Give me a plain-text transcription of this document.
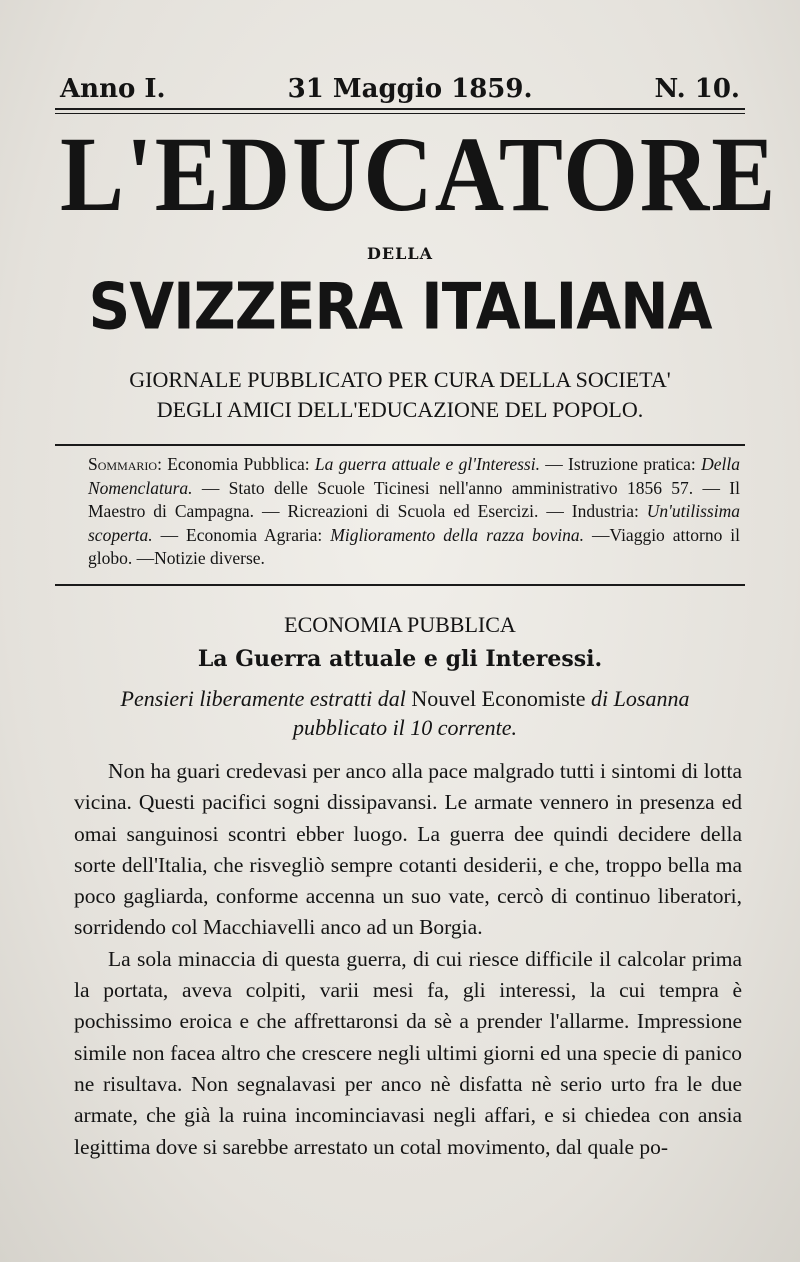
Anno I.	31 Maggio 1859.	N. 10.
L'EDUCATORE
DELLA
SVIZZERA ITALIANA
GIORNALE PUBBLICATO PER CURA DELLA SOCIETA'
DEGLI AMICI DELL'EDUCAZIONE DEL POPOLO.
Sommario: Economia Pubblica: La guerra attuale e gl'Interessi. — Istruzione pratica: Della Nomenclatura. — Stato delle Scuole Ticinesi nell'anno amministrativo 1856 57. — Il Maestro di Campagna. — Ricreazioni di Scuola ed Esercizi. — Industria: Un'utilissima scoperta. — Economia Agraria: Miglioramento della razza bovina. —Viaggio attorno il globo. —Notizie diverse.
ECONOMIA PUBBLICA
La Guerra attuale e gli Interessi.
Pensieri liberamente estratti dal Nouvel Economiste di Losanna
pubblicato il 10 corrente.

Non ha guari credevasi per anco alla pace malgrado tutti i sintomi di lotta vicina. Questi pacifici sogni dissipavansi. Le armate vennero in presenza ed omai sanguinosi scontri ebber luogo. La guerra dee quindi decidere della sorte dell'Italia, che risvegliò sempre cotanti desiderii, e che, troppo bella ma poco gagliarda, conforme accenna un suo vate, cercò di continuo liberatori, sorridendo col Macchiavelli anco ad un Borgia.

La sola minaccia di questa guerra, di cui riesce difficile il calcolar prima la portata, aveva colpiti, varii mesi fa, gli interessi, la cui tempra è pochissimo eroica e che affrettaronsi da sè a prender l'allarme. Impressione simile non facea altro che crescere negli ultimi giorni ed una specie di panico ne risultava. Non segnalavasi per anco nè disfatta nè serio urto fra le due armate, che già la ruina incominciavasi negli affari, e si chiedea con ansia legittima dove si sarebbe arrestato un cotal movimento, dal quale po-
